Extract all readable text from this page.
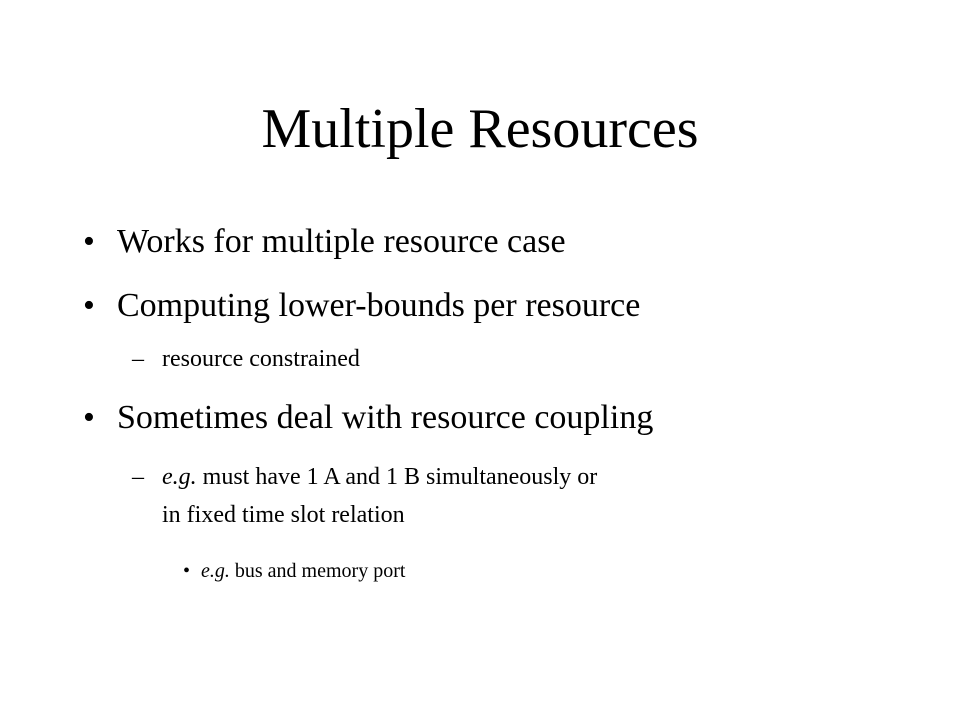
Multiple Resources
• Works for multiple resource case
• Computing lower-bounds per resource
– resource constrained
• Sometimes deal with resource coupling
– e.g. must have 1 A and 1 B simultaneously or
in fixed time slot relation
• e.g. bus and memory port
